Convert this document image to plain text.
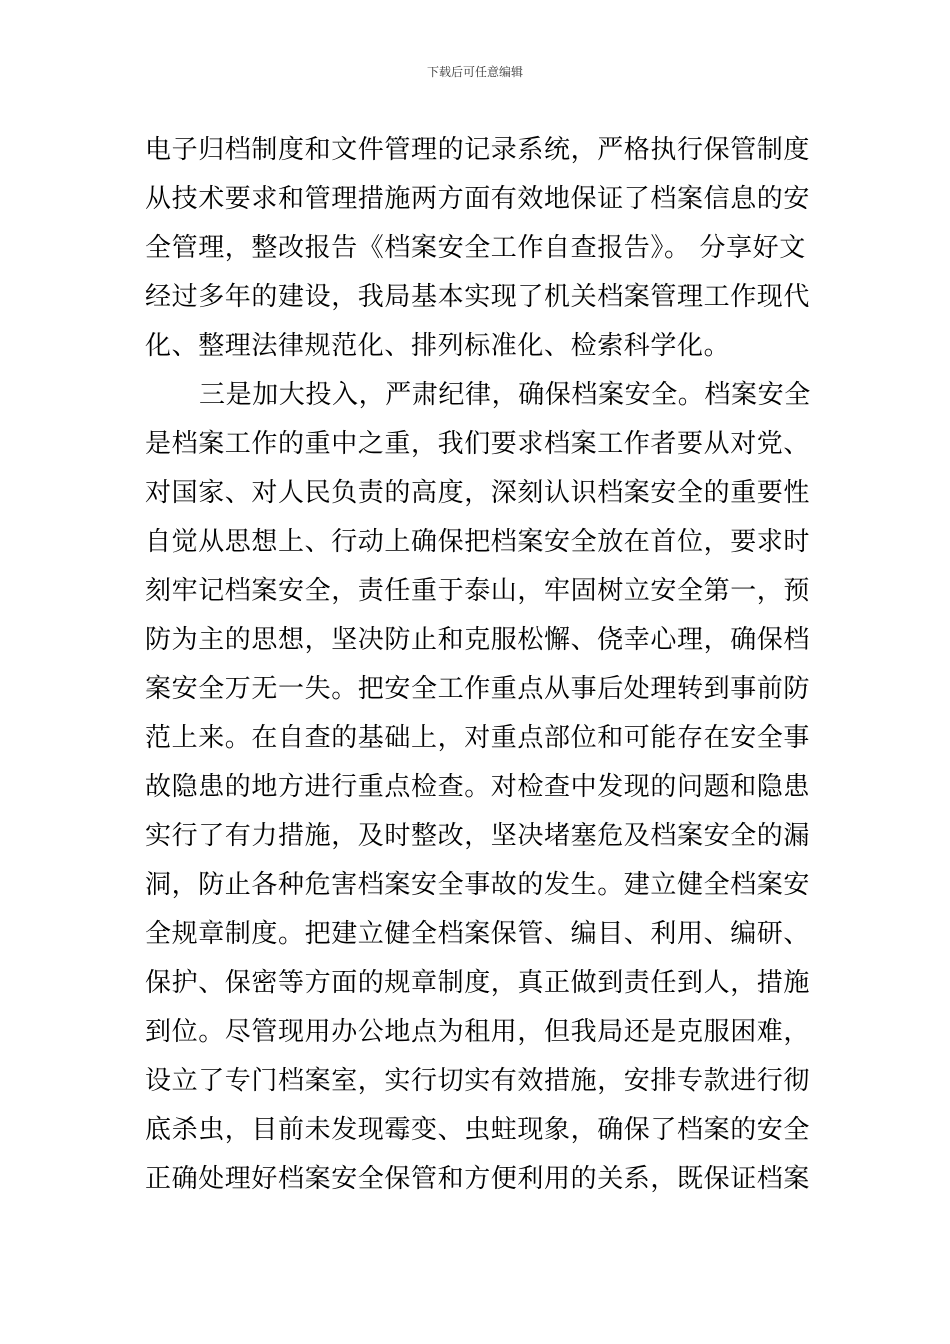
下载后可任意编辑
电子归档制度和文件管理的记录系统，严格执行保管制度
从技术要求和管理措施两方面有效地保证了档案信息的安
全管理，整改报告《档案安全工作自查报告》。 分享好文
经过多年的建设，我局基本实现了机关档案管理工作现代
化、整理法律规范化、排列标准化、检索科学化。
三是加大投入，严肃纪律，确保档案安全。档案安全
是档案工作的重中之重，我们要求档案工作者要从对党、
对国家、对人民负责的高度，深刻认识档案安全的重要性
自觉从思想上、行动上确保把档案安全放在首位，要求时
刻牢记档案安全，责任重于泰山，牢固树立安全第一，预
防为主的思想，坚决防止和克服松懈、侥幸心理，确保档
案安全万无一失。把安全工作重点从事后处理转到事前防
范上来。在自查的基础上，对重点部位和可能存在安全事
故隐患的地方进行重点检查。对检查中发现的问题和隐患
实行了有力措施，及时整改，坚决堵塞危及档案安全的漏
洞，防止各种危害档案安全事故的发生。建立健全档案安
全规章制度。把建立健全档案保管、编目、利用、编研、
保护、保密等方面的规章制度，真正做到责任到人，措施
到位。尽管现用办公地点为租用，但我局还是克服困难，
设立了专门档案室，实行切实有效措施，安排专款进行彻
底杀虫，目前未发现霉变、虫蛀现象，确保了档案的安全
正确处理好档案安全保管和方便利用的关系，既保证档案
